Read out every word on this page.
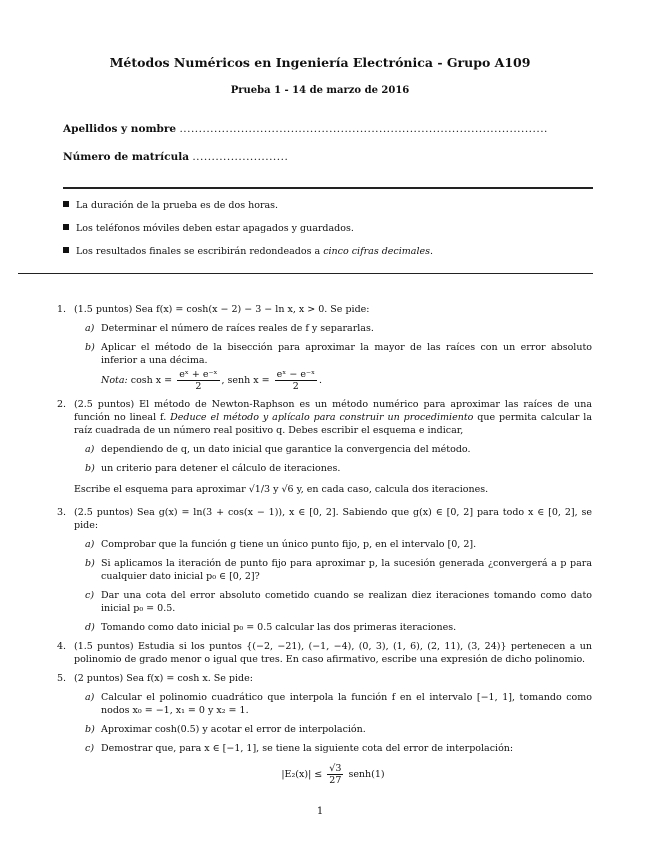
Métodos Numéricos en Ingeniería Electrónica - Grupo A109
Prueba 1 - 14 de marzo de 2016
Apellidos y nombre ................................................................................................
Número de matrícula .........................
La duración de la prueba es de dos horas.
Los teléfonos móviles deben estar apagados y guardados.
Los resultados finales se escribirán redondeados a cinco cifras decimales.
1. (1.5 puntos) Sea f(x) = cosh(x − 2) − 3 − ln x, x > 0. Se pide:
a) Determinar el número de raíces reales de f y separarlas.
b) Aplicar el método de la bisección para aproximar la mayor de las raíces con un error absoluto inferior a una décima.
Nota: $\cosh x = \frac{\text{eˣ + e⁻ˣ}}{2}$ , senh $x = \frac{\text{eˣ − e⁻ˣ}}{2}$ .
2. (2.5 puntos) El método de Newton-Raphson es un método numérico para aproximar las raíces de una función no lineal f. Deduce el método y aplícalo para construir un procedimiento que permita calcular la raíz cuadrada de un número real positivo q. Debes escribir el esquema e indicar,
a) dependiendo de q, un dato inicial que garantice la convergencia del método.
b) un criterio para detener el cálculo de iteraciones.
Escribe el esquema para aproximar √1/3 y √6 y, en cada caso, calcula dos iteraciones.
3. (2.5 puntos) Sea g(x) = ln(3 + cos(x − 1)), x ∈ [0, 2]. Sabiendo que g(x) ∈ [0, 2] para todo x ∈ [0, 2], se pide:
a) Comprobar que la función g tiene un único punto fijo, p, en el intervalo [0, 2].
b) Si aplicamos la iteración de punto fijo para aproximar p, la sucesión generada ¿convergerá a p para cualquier dato inicial p₀ ∈ [0, 2]?
c) Dar una cota del error absoluto cometido cuando se realizan diez iteraciones tomando como dato inicial p₀ = 0.5.
d) Tomando como dato inicial p₀ = 0.5 calcular las dos primeras iteraciones.
4. (1.5 puntos) Estudia si los puntos {(−2, −21), (−1, −4), (0, 3), (1, 6), (2, 11), (3, 24)} pertenecen a un polinomio de grado menor o igual que tres. En caso afirmativo, escribe una expresión de dicho polinomio.
5. (2 puntos) Sea f(x) = cosh x. Se pide:
a) Calcular el polinomio cuadrático que interpola la función f en el intervalo [−1, 1], tomando como nodos x₀ = −1, x₁ = 0 y x₂ = 1.
b) Aproximar cosh(0.5) y acotar el error de interpolación.
c) Demostrar que, para x ∈ [−1, 1], se tiene la siguiente cota del error de interpolación:
$|E_2(x)| \le \frac{√3}{27}$ senh(1)
1
